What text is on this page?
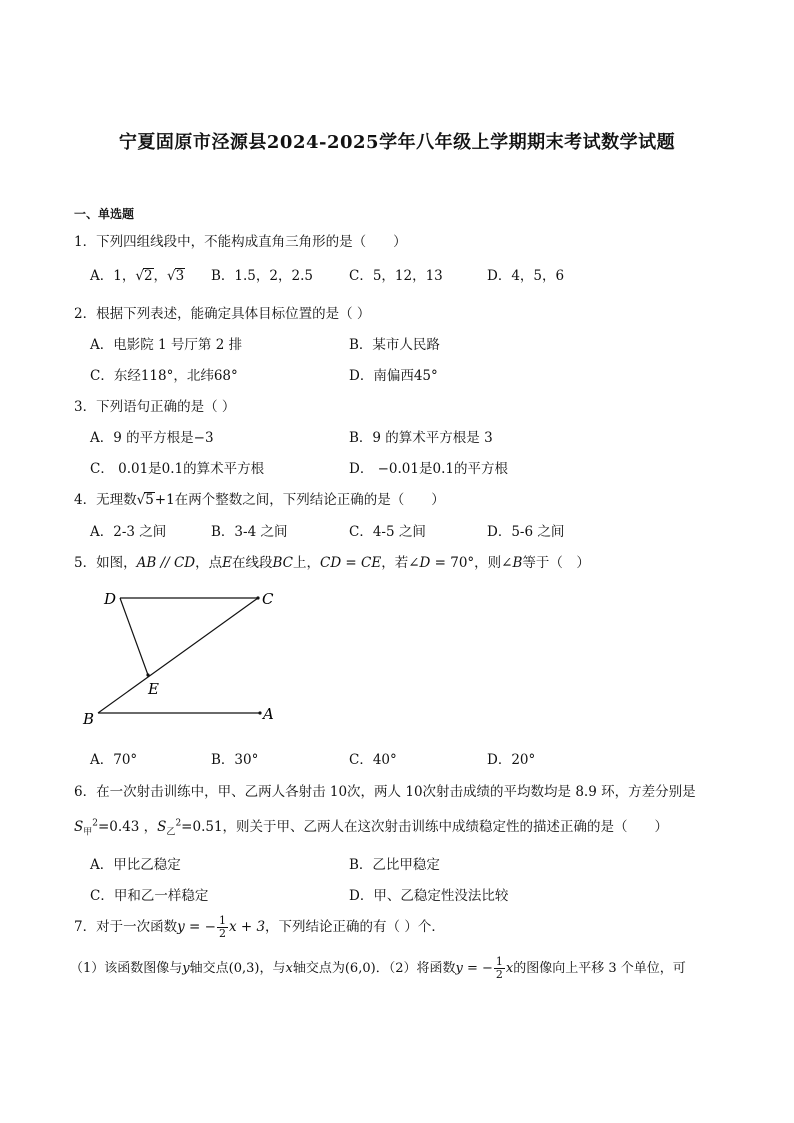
宁夏固原市泾源县2024-2025学年八年级上学期期末考试数学试题
一、单选题
1．下列四组线段中，不能构成直角三角形的是（　　）
A．1，√2，√3 B．1.5，2，2.5	C．5，12，13	D．4，5，6
2．根据下列表述，能确定具体目标位置的是（ ）
A．电影院 1 号厅第 2 排	B．某市人民路
C．东经118°，北纬68°	D．南偏西45°
3．下列语句正确的是（ ）
A．9 的平方根是−3	B．9 的算术平方根是 3
C． 0.01是0.1的算术平方根	D． −0.01是0.1的平方根
4．无理数√5+1在两个整数之间，下列结论正确的是（　　）
A．2-3 之间	B．3-4 之间	C．4-5 之间	D．5-6 之间
5．如图，AB // CD，点E在线段BC上，CD = CE，若∠D = 70°，则∠B等于（　）
D	C
E
B	A
A．70°	B．30°	C．40°	D．20°
6．在一次射击训练中，甲、乙两人各射击 10次，两人 10次射击成绩的平均数均是 8.9 环，方差分别是
$S_甲^2=0.43$ ，$S_乙^2=0.51$，则关于甲、乙两人在这次射击训练中成绩稳定性的描述正确的是（　　）
A．甲比乙稳定	B．乙比甲稳定
C．甲和乙一样稳定	D．甲、乙稳定性没法比较
7．对于一次函数y = − $\frac{1}{2}$ x + 3，下列结论正确的有（ ）个．
（1）该函数图像与y轴交点(0,3)，与x轴交点为(6,0)．（2）将函数y = − $\frac{1}{2}$ x的图像向上平移 3 个单位，可
